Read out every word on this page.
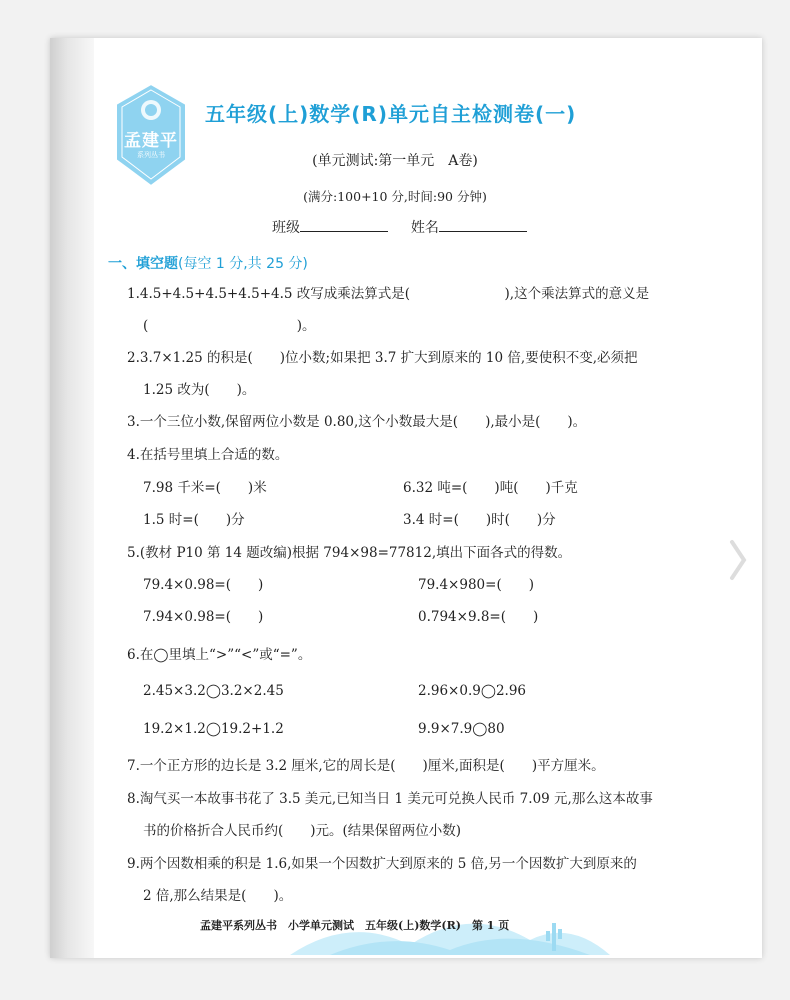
孟建平
系列丛书
五年级(上)数学(R)单元自主检测卷(一)
(单元测试:第一单元　A卷)
(满分:100+10 分,时间:90 分钟)
班级	姓名
一、填空题(每空 1 分,共 25 分)
1.4.5+4.5+4.5+4.5+4.5 改写成乘法算式是(　　　　　　　),这个乘法算式的意义是
(　　　　　　　　　　　)。
2.3.7×1.25 的积是(　　)位小数;如果把 3.7 扩大到原来的 10 倍,要使积不变,必须把
1.25 改为(　　)。
3.一个三位小数,保留两位小数是 0.80,这个小数最大是(　　),最小是(　　)。
4.在括号里填上合适的数。
7.98 千米=(　　)米	6.32 吨=(　　)吨(　　)千克
1.5 时=(　　)分	3.4 时=(　　)时(　　)分
5.(教材 P10 第 14 题改编)根据 794×98=77812,填出下面各式的得数。
79.4×0.98=(　　)	79.4×980=(　　)
7.94×0.98=(　　)	0.794×9.8=(　　)
6.在◯里填上“>”“<”或“=”。
2.45×3.2◯3.2×2.45	2.96×0.9◯2.96
19.2×1.2◯19.2+1.2	9.9×7.9◯80
7.一个正方形的边长是 3.2 厘米,它的周长是(　　)厘米,面积是(　　)平方厘米。
8.淘气买一本故事书花了 3.5 美元,已知当日 1 美元可兑换人民币 7.09 元,那么这本故事
书的价格折合人民币约(　　)元。(结果保留两位小数)
9.两个因数相乘的积是 1.6,如果一个因数扩大到原来的 5 倍,另一个因数扩大到原来的
2 倍,那么结果是(　　)。
孟建平系列丛书　小学单元测试　五年级(上)数学(R)　第 1 页
